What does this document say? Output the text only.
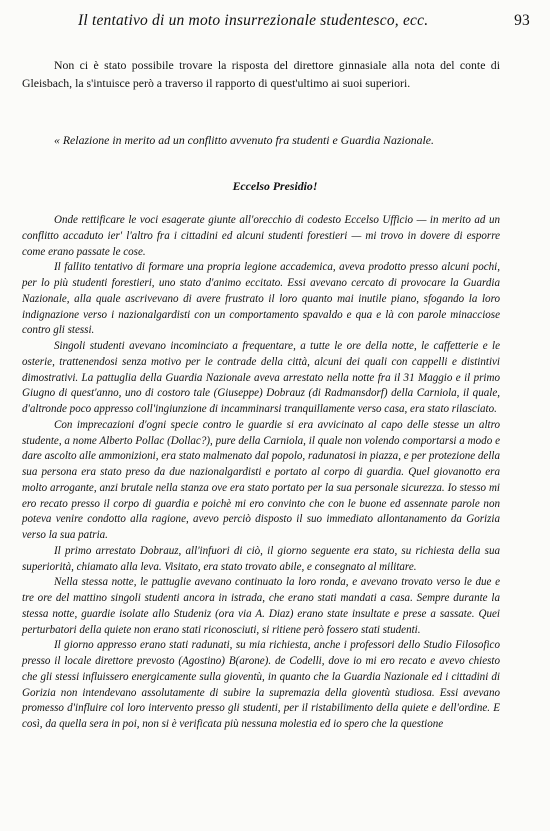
Il tentativo di un moto insurrezionale studentesco, ecc.	93

Non ci è stato possibile trovare la risposta del direttore ginnasiale alla nota del conte di Gleisbach, la s'intuisce però a traverso il rapporto di quest'ultimo ai suoi superiori.

« Relazione in merito ad un conflitto avvenuto fra studenti e Guardia Nazionale.

Eccelso Presidio!

Onde rettificare le voci esagerate giunte all'orecchio di codesto Eccelso Ufficio — in merito ad un conflitto accaduto ier' l'altro fra i cittadini ed alcuni studenti forestieri — mi trovo in dovere di esporre come erano passate le cose.

Il fallito tentativo di formare una propria legione accademica, aveva prodotto presso alcuni pochi, per lo più studenti forestieri, uno stato d'animo eccitato. Essi avevano cercato di provocare la Guardia Nazionale, alla quale ascrivevano di avere frustrato il loro quanto mai inutile piano, sfogando la loro indignazione verso i nazionalgardisti con un comportamento spavaldo e qua e là con parole minacciose contro gli stessi.

Singoli studenti avevano incominciato a frequentare, a tutte le ore della notte, le caffetterie e le osterie, trattenendosi senza motivo per le contrade della città, alcuni dei quali con cappelli e distintivi dimostrativi. La pattuglia della Guardia Nazionale aveva arrestato nella notte fra il 31 Maggio e il primo Giugno di quest'anno, uno di costoro tale (Giuseppe) Dobrauz (di Radmansdorf) della Carniola, il quale, d'altronde poco appresso coll'ingiunzione di incamminarsi tranquillamente verso casa, era stato rilasciato.

Con imprecazioni d'ogni specie contro le guardie si era avvicinato al capo delle stesse un altro studente, a nome Alberto Pollac (Dollac?), pure della Carniola, il quale non volendo comportarsi a modo e dare ascolto alle ammonizioni, era stato malmenato dal popolo, radunatosi in piazza, e per protezione della sua persona era stato preso da due nazionalgardisti e portato al corpo di guardia. Quel giovanotto era molto arrogante, anzi brutale nella stanza ove era stato portato per la sua personale sicurezza. Io stesso mi ero recato presso il corpo di guardia e poichè mi ero convinto che con le buone ed assennate parole non poteva venire condotto alla ragione, avevo perciò disposto il suo immediato allontanamento da Gorizia verso la sua patria.

Il primo arrestato Dobrauz, all'infuori di ciò, il giorno seguente era stato, su richiesta della sua superiorità, chiamato alla leva. Visitato, era stato trovato abile, e consegnato al militare.

Nella stessa notte, le pattuglie avevano continuato la loro ronda, e avevano trovato verso le due e tre ore del mattino singoli studenti ancora in istrada, che erano stati mandati a casa. Sempre durante la stessa notte, guardie isolate allo Studeniz (ora via A. Diaz) erano state insultate e prese a sassate. Quei perturbatori della quiete non erano stati riconosciuti, si ritiene però fossero stati studenti.

Il giorno appresso erano stati radunati, su mia richiesta, anche i professori dello Studio Filosofico presso il locale direttore prevosto (Agostino) B(arone). de Codelli, dove io mi ero recato e avevo chiesto che gli stessi influissero energicamente sulla gioventù, in quanto che la Guardia Nazionale ed i cittadini di Gorizia non intendevano assolutamente di subire la supremazia della gioventù studiosa. Essi avevano promesso d'influire col loro intervento presso gli studenti, per il ristabilimento della quiete e dell'ordine. E così, da quella sera in poi, non si è verificata più nessuna molestia ed io spero che la questione
